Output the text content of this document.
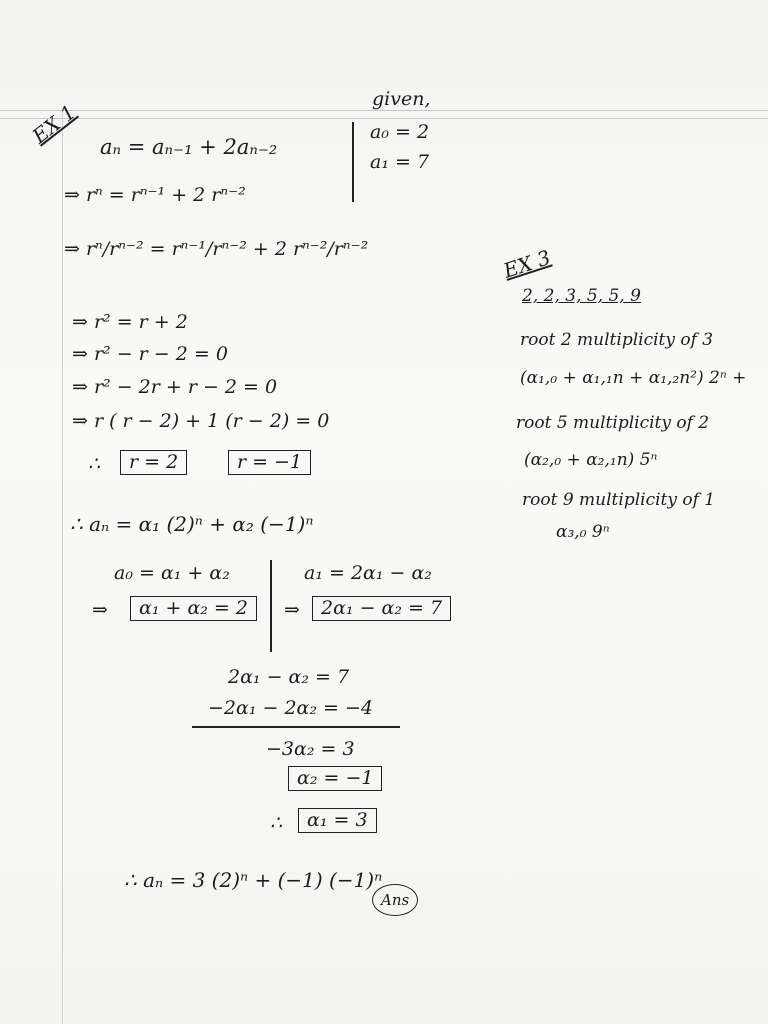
EX 1
given,
a₀ = 2
a₁ = 7
aₙ = aₙ₋₁ + 2aₙ₋₂
⇒ rⁿ = rⁿ⁻¹ + 2 rⁿ⁻²
⇒ rⁿ/rⁿ⁻² = rⁿ⁻¹/rⁿ⁻² + 2 rⁿ⁻²/rⁿ⁻²
⇒ r² = r + 2
⇒ r² − r − 2 = 0
⇒ r² − 2r + r − 2 = 0
⇒ r ( r − 2) + 1 (r − 2) = 0
∴	r = 2	r = −1
∴ aₙ = α₁ (2)ⁿ + α₂ (−1)ⁿ
a₀ = α₁ + α₂
⇒	α₁ + α₂ = 2
a₁ = 2α₁ − α₂
⇒	2α₁ − α₂ = 7
2α₁ − α₂ = 7
−2α₁ − 2α₂ = −4
−3α₂ = 3
α₂ = −1
∴	α₁ = 3
∴ aₙ = 3 (2)ⁿ + (−1) (−1)ⁿ
Ans
EX 3
2, 2, 3, 5, 5, 9
root 2 multiplicity of 3
(α₁,₀ + α₁,₁n + α₁,₂n²) 2ⁿ +
root 5 multiplicity of 2
(α₂,₀ + α₂,₁n) 5ⁿ
root 9 multiplicity of 1
α₃,₀ 9ⁿ
